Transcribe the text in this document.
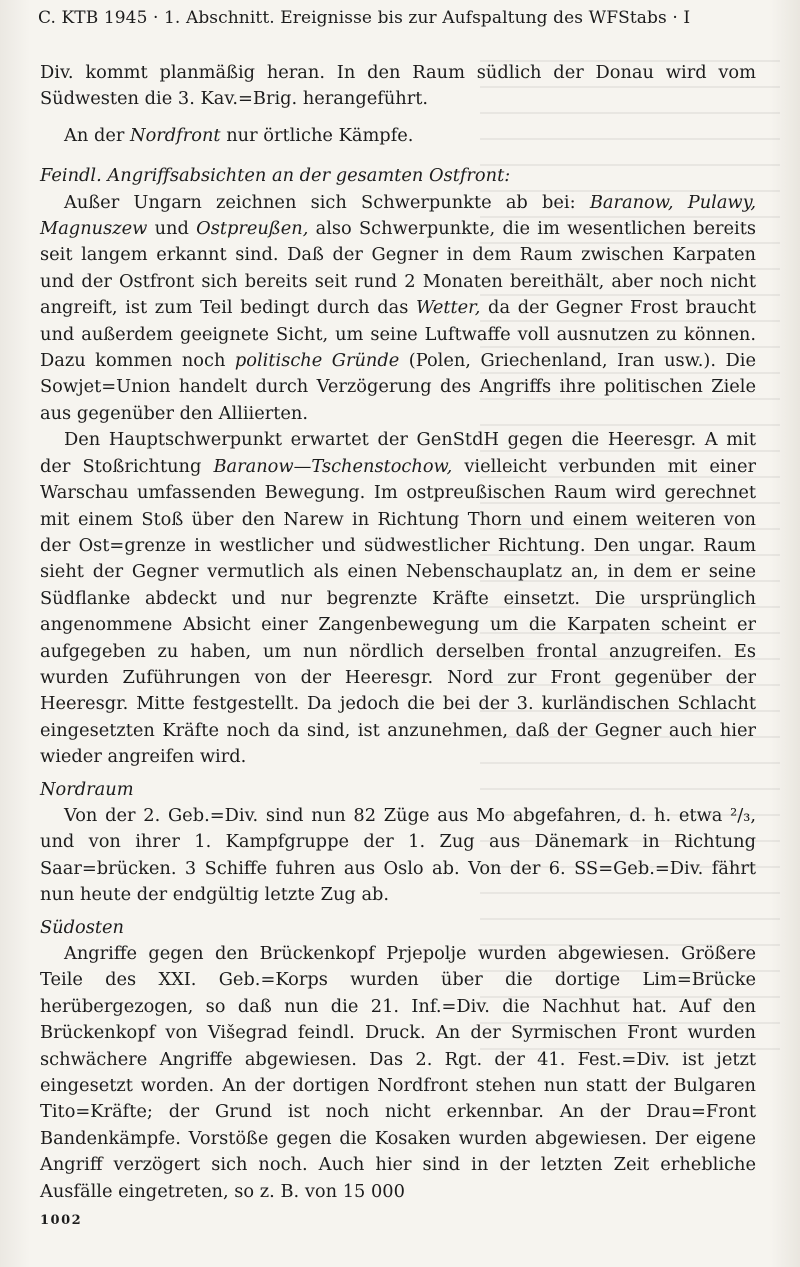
C. KTB 1945 · 1. Abschnitt. Ereignisse bis zur Aufspaltung des WFStabs · I

Div. kommt planmäßig heran. In den Raum südlich der Donau wird vom Südwesten die 3. Kav.=Brig. herangeführt.

An der Nordfront nur örtliche Kämpfe.

Feindl. Angriffsabsichten an der gesamten Ostfront:

Außer Ungarn zeichnen sich Schwerpunkte ab bei: Baranow, Pulawy, Magnuszew und Ostpreußen, also Schwerpunkte, die im wesentlichen bereits seit langem erkannt sind. Daß der Gegner in dem Raum zwischen Karpaten und der Ostfront sich bereits seit rund 2 Monaten bereithält, aber noch nicht angreift, ist zum Teil bedingt durch das Wetter, da der Gegner Frost braucht und außerdem geeignete Sicht, um seine Luftwaffe voll ausnutzen zu können. Dazu kommen noch politische Gründe (Polen, Griechenland, Iran usw.). Die Sowjet=Union handelt durch Verzögerung des Angriffs ihre politischen Ziele aus gegenüber den Alliierten.

Den Hauptschwerpunkt erwartet der GenStdH gegen die Heeresgr. A mit der Stoßrichtung Baranow—Tschenstochow, vielleicht verbunden mit einer Warschau umfassenden Bewegung. Im ostpreußischen Raum wird gerechnet mit einem Stoß über den Narew in Richtung Thorn und einem weiteren von der Ost=grenze in westlicher und südwestlicher Richtung. Den ungar. Raum sieht der Gegner vermutlich als einen Nebenschauplatz an, in dem er seine Südflanke abdeckt und nur begrenzte Kräfte einsetzt. Die ursprünglich angenommene Absicht einer Zangenbewegung um die Karpaten scheint er aufgegeben zu haben, um nun nördlich derselben frontal anzugreifen. Es wurden Zuführungen von der Heeresgr. Nord zur Front gegenüber der Heeresgr. Mitte festgestellt. Da jedoch die bei der 3. kurländischen Schlacht eingesetzten Kräfte noch da sind, ist anzunehmen, daß der Gegner auch hier wieder angreifen wird.

Nordraum

Von der 2. Geb.=Div. sind nun 82 Züge aus Mo abgefahren, d. h. etwa ²/₃, und von ihrer 1. Kampfgruppe der 1. Zug aus Dänemark in Richtung Saar=brücken. 3 Schiffe fuhren aus Oslo ab. Von der 6. SS=Geb.=Div. fährt nun heute der endgültig letzte Zug ab.

Südosten

Angriffe gegen den Brückenkopf Prjepolje wurden abgewiesen. Größere Teile des XXI. Geb.=Korps wurden über die dortige Lim=Brücke herübergezogen, so daß nun die 21. Inf.=Div. die Nachhut hat. Auf den Brückenkopf von Višegrad feindl. Druck. An der Syrmischen Front wurden schwächere Angriffe abgewiesen. Das 2. Rgt. der 41. Fest.=Div. ist jetzt eingesetzt worden. An der dortigen Nordfront stehen nun statt der Bulgaren Tito=Kräfte; der Grund ist noch nicht erkennbar. An der Drau=Front Bandenkämpfe. Vorstöße gegen die Kosaken wurden abgewiesen. Der eigene Angriff verzögert sich noch. Auch hier sind in der letzten Zeit erhebliche Ausfälle eingetreten, so z. B. von 15 000

1002
